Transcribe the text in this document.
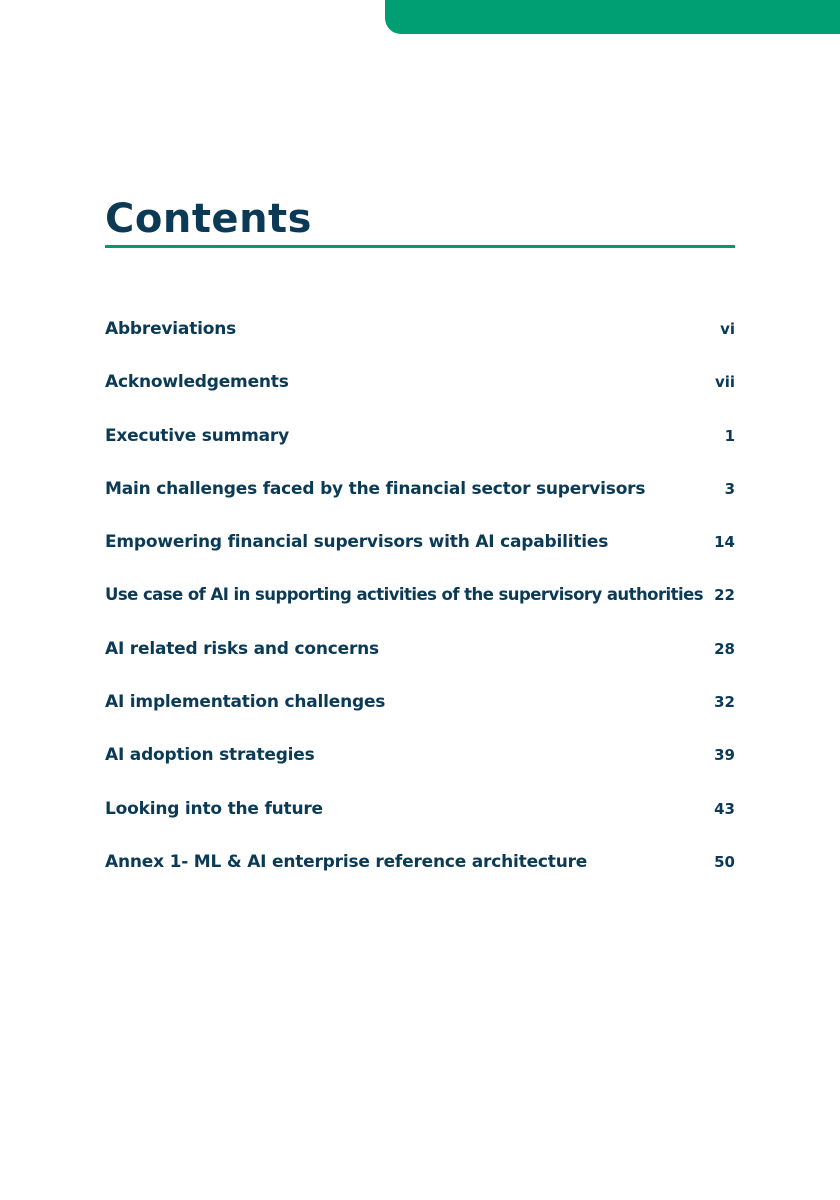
Contents
Abbreviations	vi
Acknowledgements	vii
Executive summary	1
Main challenges faced by the financial sector supervisors	3
Empowering financial supervisors with AI capabilities	14
Use case of AI in supporting activities of the supervisory authorities 22
AI related risks and concerns	28
AI implementation challenges	32
AI adoption strategies	39
Looking into the future	43
Annex 1- ML & AI enterprise reference architecture	50
